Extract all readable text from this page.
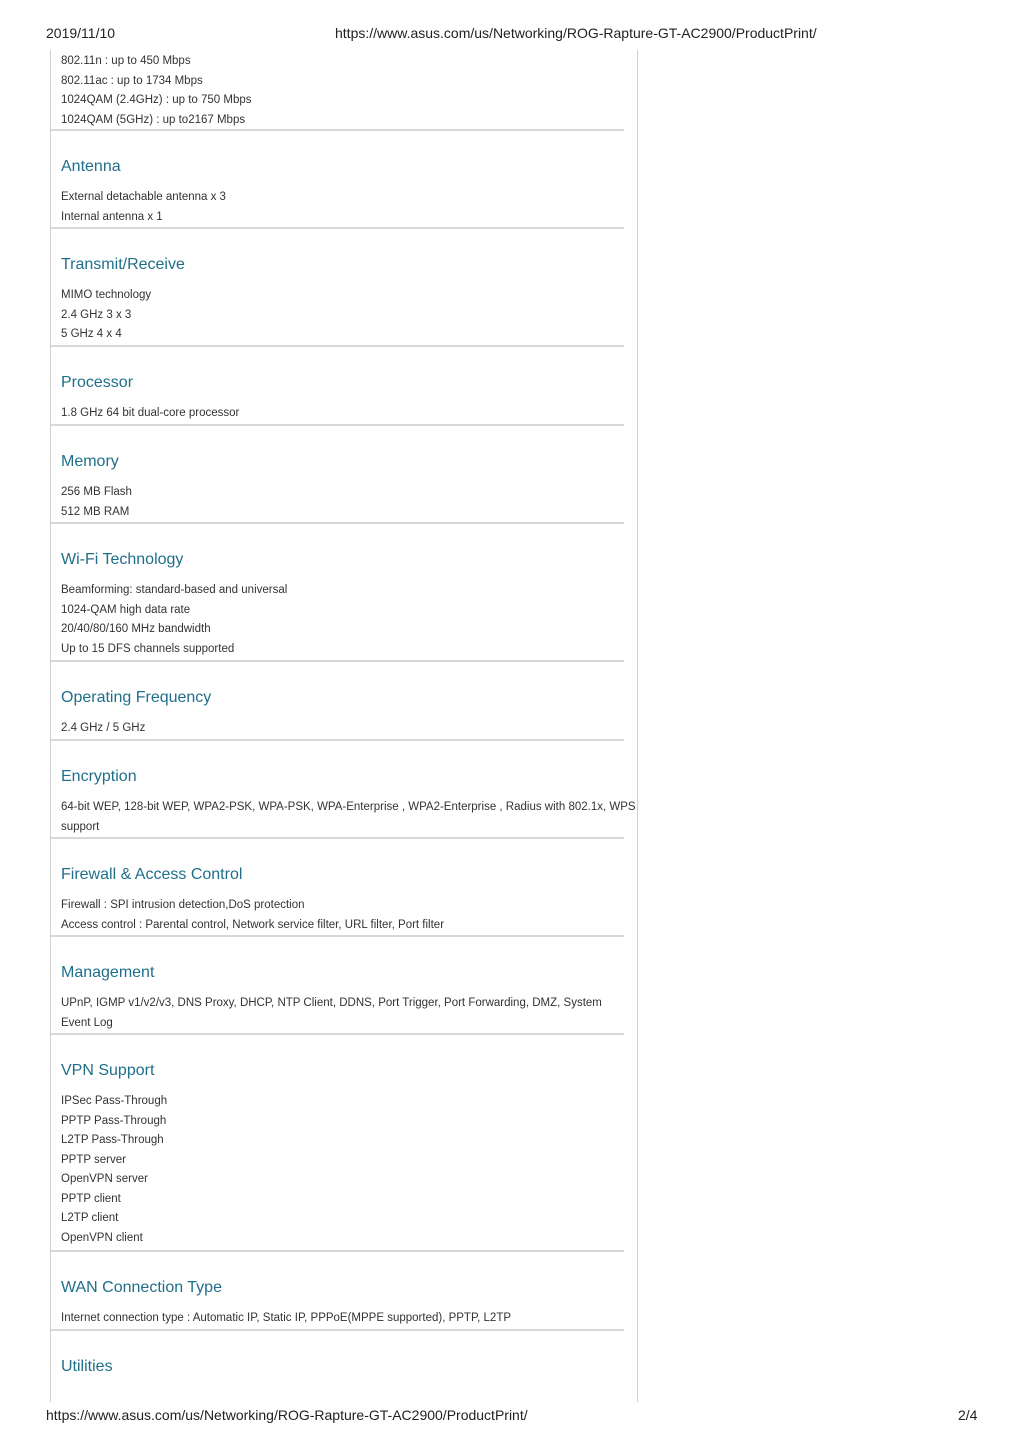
2019/11/10	https://www.asus.com/us/Networking/ROG-Rapture-GT-AC2900/ProductPrint/
802.11n : up to 450 Mbps
802.11ac : up to 1734 Mbps
1024QAM (2.4GHz) : up to 750 Mbps
1024QAM (5GHz) : up to2167 Mbps
Antenna
External detachable antenna x 3
Internal antenna x 1
Transmit/Receive
MIMO technology
2.4 GHz 3 x 3
5 GHz 4 x 4
Processor
1.8 GHz 64 bit dual-core processor
Memory
256 MB Flash
512 MB RAM
Wi-Fi Technology
Beamforming: standard-based and universal
1024-QAM high data rate
20/40/80/160 MHz bandwidth
Up to 15 DFS channels supported
Operating Frequency
2.4 GHz / 5 GHz
Encryption
64-bit WEP, 128-bit WEP, WPA2-PSK, WPA-PSK, WPA-Enterprise , WPA2-Enterprise , Radius with 802.1x, WPS
support
Firewall & Access Control
Firewall : SPI intrusion detection,DoS protection
Access control : Parental control, Network service filter, URL filter, Port filter
Management
UPnP, IGMP v1/v2/v3, DNS Proxy, DHCP, NTP Client, DDNS, Port Trigger, Port Forwarding, DMZ, System
Event Log
VPN Support
IPSec Pass-Through
PPTP Pass-Through
L2TP Pass-Through
PPTP server
OpenVPN server
PPTP client
L2TP client
OpenVPN client
WAN Connection Type
Internet connection type : Automatic IP, Static IP, PPPoE(MPPE supported), PPTP, L2TP
Utilities
https://www.asus.com/us/Networking/ROG-Rapture-GT-AC2900/ProductPrint/	2/4
